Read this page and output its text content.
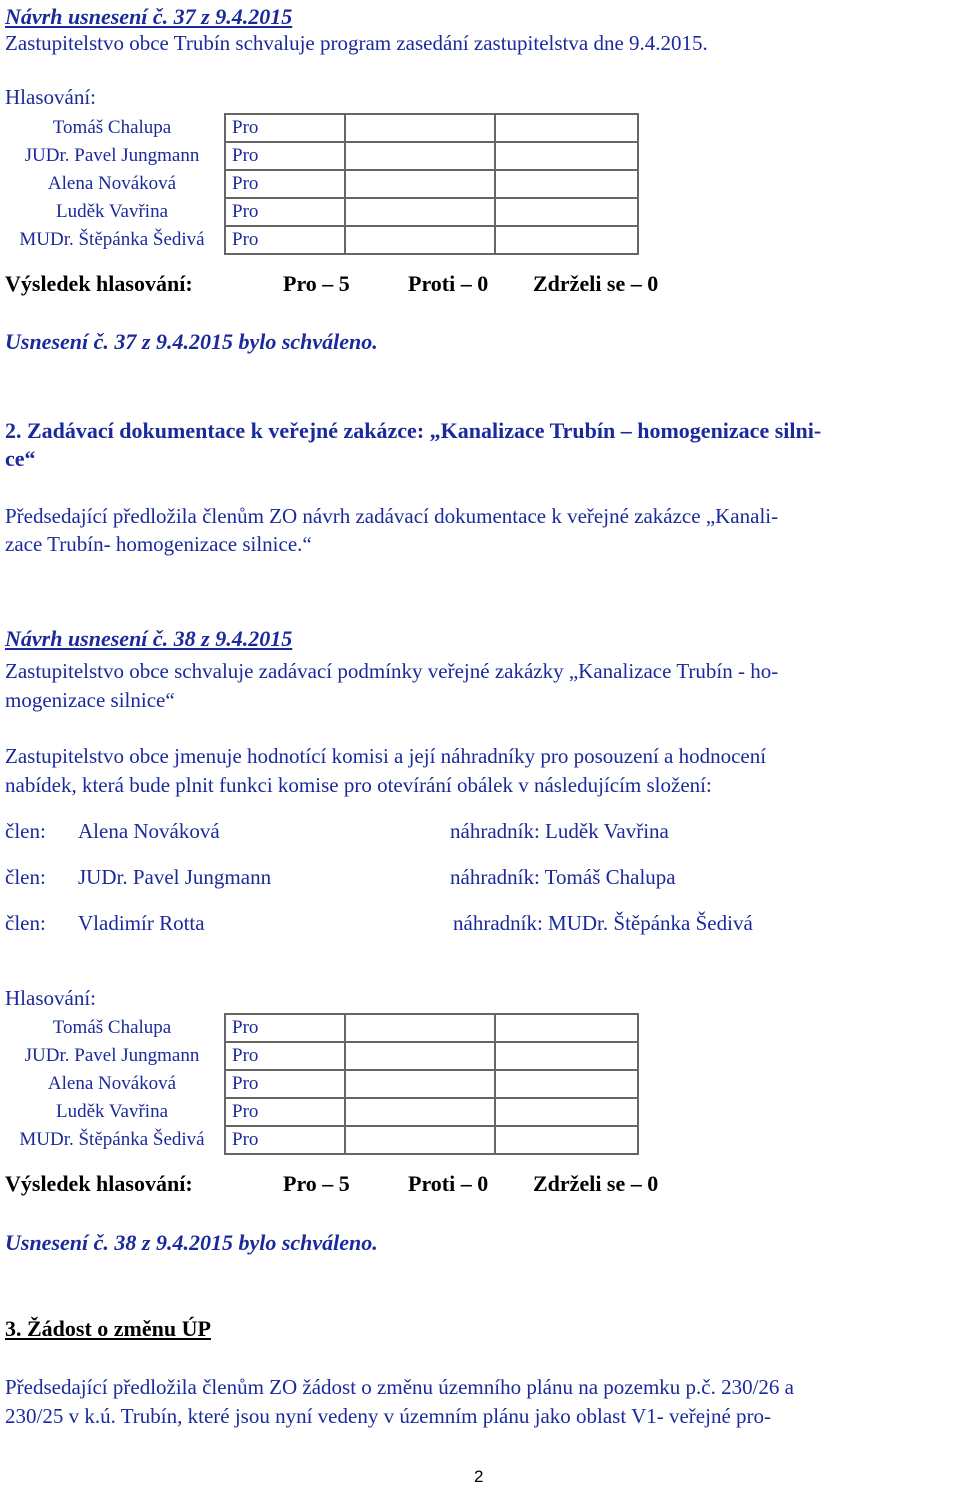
Návrh usnesení č. 37 z 9.4.2015
Zastupitelstvo obce Trubín schvaluje program zasedání zastupitelstva dne 9.4.2015.
Hlasování:
Tomáš Chalupa	Pro		
JUDr. Pavel Jungmann	Pro		
Alena Nováková	Pro		
Luděk Vavřina	Pro		
MUDr. Štěpánka Šedivá	Pro		
Výsledek hlasování:	Pro – 5	Proti – 0 Zdrželi se – 0
Usnesení č. 37 z 9.4.2015 bylo schváleno.
2. Zadávací dokumentace k veřejné zakázce: „Kanalizace Trubín – homogenizace silni-
ce“
Předsedající předložila členům ZO návrh zadávací dokumentace k veřejné zakázce „Kanali-
zace Trubín- homogenizace silnice.“
Návrh usnesení č. 38 z 9.4.2015
Zastupitelstvo obce schvaluje zadávací podmínky veřejné zakázky „Kanalizace Trubín - ho-
mogenizace silnice“
Zastupitelstvo obce jmenuje hodnotící komisi a její náhradníky pro posouzení a hodnocení
nabídek, která bude plnit funkci komise pro otevírání obálek v následujícím složení:
člen: Alena Nováková	náhradník: Luděk Vavřina
člen: JUDr. Pavel Jungmann	náhradník: Tomáš Chalupa
člen: Vladimír Rotta	náhradník: MUDr. Štěpánka Šedivá
Hlasování:
Tomáš Chalupa	Pro		
JUDr. Pavel Jungmann	Pro		
Alena Nováková	Pro		
Luděk Vavřina	Pro		
MUDr. Štěpánka Šedivá	Pro		
Výsledek hlasování:	Pro – 5	Proti – 0 Zdrželi se – 0
Usnesení č. 38 z 9.4.2015 bylo schváleno.
3. Žádost o změnu ÚP
Předsedající předložila členům ZO žádost o změnu územního plánu na pozemku p.č. 230/26 a
230/25 v k.ú. Trubín, které jsou nyní vedeny v územním plánu jako oblast V1- veřejné pro-
2
